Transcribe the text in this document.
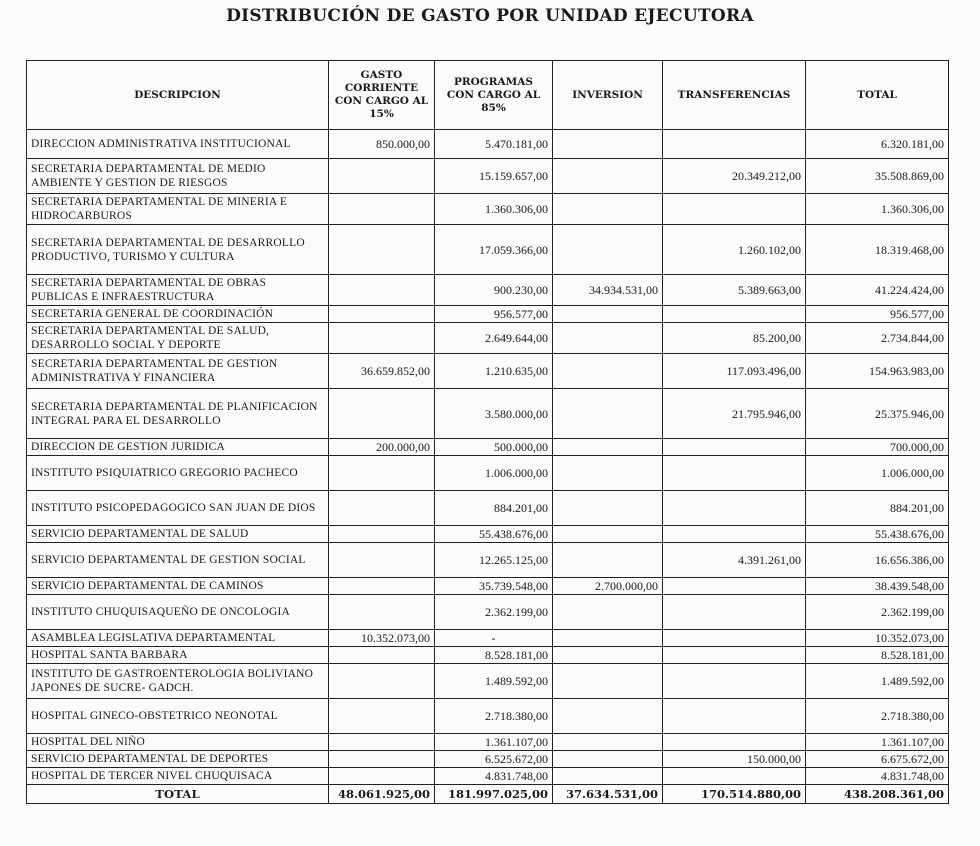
DISTRIBUCIÓN DE GASTO POR UNIDAD EJECUTORA
DESCRIPCION	GASTO CORRIENTE CON CARGO AL 15%	PROGRAMAS CON CARGO AL 85%	INVERSION	TRANSFERENCIAS	TOTAL
DIRECCION ADMINISTRATIVA INSTITUCIONAL	850.000,00	5.470.181,00			6.320.181,00
SECRETARIA DEPARTAMENTAL DE MEDIO AMBIENTE Y GESTION DE RIESGOS		15.159.657,00		20.349.212,00	35.508.869,00
SECRETARIA DEPARTAMENTAL DE MINERIA E HIDROCARBUROS		1.360.306,00			1.360.306,00
SECRETARIA DEPARTAMENTAL DE DESARROLLO PRODUCTIVO, TURISMO Y CULTURA		17.059.366,00		1.260.102,00	18.319.468,00
SECRETARIA DEPARTAMENTAL DE OBRAS PUBLICAS E INFRAESTRUCTURA		900.230,00	34.934.531,00	5.389.663,00	41.224.424,00
SECRETARIA GENERAL DE COORDINACIÓN		956.577,00			956.577,00
SECRETARIA DEPARTAMENTAL DE SALUD, DESARROLLO SOCIAL Y DEPORTE		2.649.644,00		85.200,00	2.734.844,00
SECRETARIA DEPARTAMENTAL DE GESTION ADMINISTRATIVA Y FINANCIERA	36.659.852,00	1.210.635,00		117.093.496,00	154.963.983,00
SECRETARIA DEPARTAMENTAL DE PLANIFICACION INTEGRAL PARA EL DESARROLLO		3.580.000,00		21.795.946,00	25.375.946,00
DIRECCION DE GESTION JURIDICA	200.000,00	500.000,00			700.000,00
INSTITUTO PSIQUIATRICO GREGORIO PACHECO		1.006.000,00			1.006.000,00
INSTITUTO PSICOPEDAGOGICO SAN JUAN DE DIOS		884.201,00			884.201,00
SERVICIO DEPARTAMENTAL DE SALUD		55.438.676,00			55.438.676,00
SERVICIO DEPARTAMENTAL DE GESTION SOCIAL		12.265.125,00		4.391.261,00	16.656.386,00
SERVICIO DEPARTAMENTAL DE CAMINOS		35.739.548,00	2.700.000,00		38.439.548,00
INSTITUTO CHUQUISAQUEÑO DE ONCOLOGIA		2.362.199,00			2.362.199,00
ASAMBLEA LEGISLATIVA DEPARTAMENTAL	10.352.073,00	-			10.352.073,00
HOSPITAL SANTA BARBARA		8.528.181,00			8.528.181,00
INSTITUTO DE GASTROENTEROLOGIA BOLIVIANO JAPONES DE SUCRE- GADCH.		1.489.592,00			1.489.592,00
HOSPITAL GINECO-OBSTETRICO NEONOTAL		2.718.380,00			2.718.380,00
HOSPITAL DEL NIÑO		1.361.107,00			1.361.107,00
SERVICIO DEPARTAMENTAL DE DEPORTES		6.525.672,00		150.000,00	6.675.672,00
HOSPITAL DE TERCER NIVEL CHUQUISACA		4.831.748,00			4.831.748,00
TOTAL	48.061.925,00	181.997.025,00	37.634.531,00	170.514.880,00	438.208.361,00
